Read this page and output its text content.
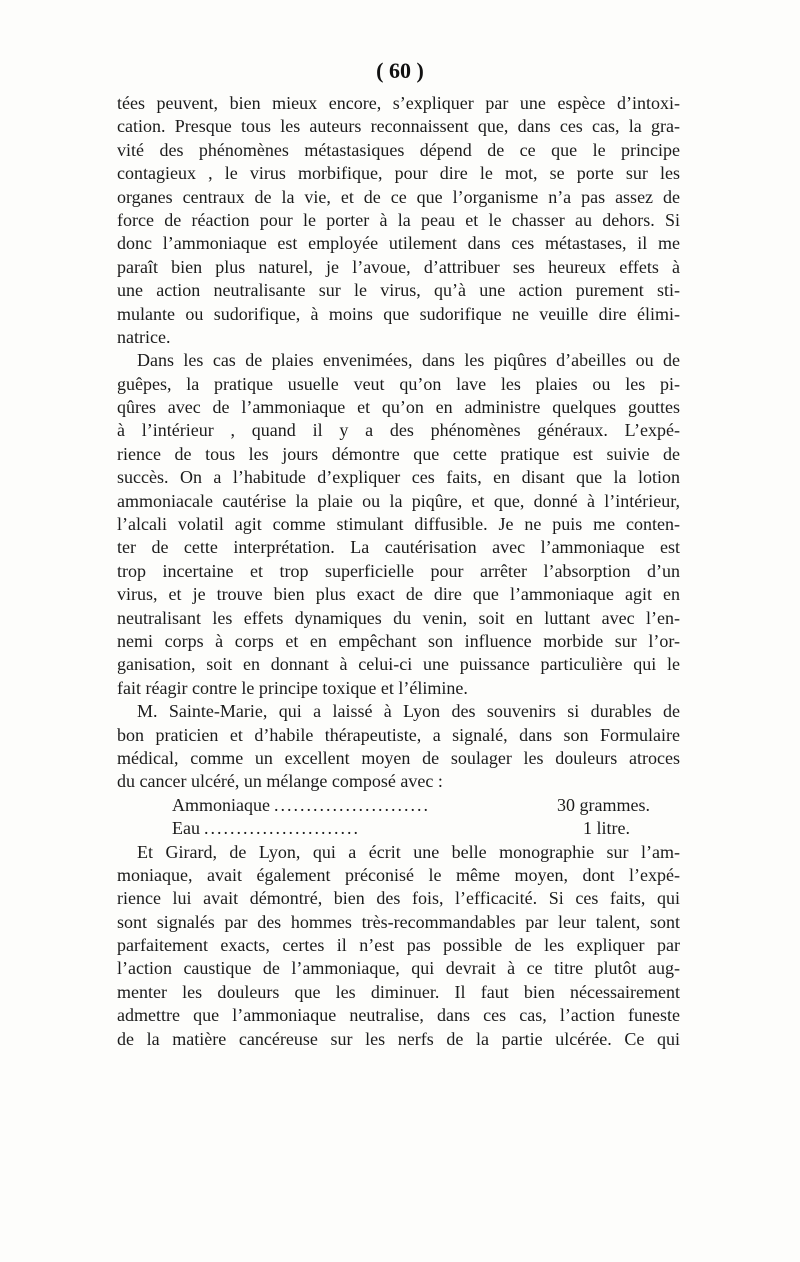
( 60 )
tées peuvent, bien mieux encore, s’expliquer par une espèce d’intoxi-
cation. Presque tous les auteurs reconnaissent que, dans ces cas, la gra-
vité des phénomènes métastasiques dépend de ce que le principe
contagieux , le virus morbifique, pour dire le mot, se porte sur les
organes centraux de la vie, et de ce que l’organisme n’a pas assez de
force de réaction pour le porter à la peau et le chasser au dehors. Si
donc l’ammoniaque est employée utilement dans ces métastases, il me
paraît bien plus naturel, je l’avoue, d’attribuer ses heureux effets à
une action neutralisante sur le virus, qu’à une action purement sti-
mulante ou sudorifique, à moins que sudorifique ne veuille dire élimi-
natrice.
Dans les cas de plaies envenimées, dans les piqûres d’abeilles ou de
guêpes, la pratique usuelle veut qu’on lave les plaies ou les pi-
qûres avec de l’ammoniaque et qu’on en administre quelques gouttes
à l’intérieur , quand il y a des phénomènes généraux. L’expé-
rience de tous les jours démontre que cette pratique est suivie de
succès. On a l’habitude d’expliquer ces faits, en disant que la lotion
ammoniacale cautérise la plaie ou la piqûre, et que, donné à l’intérieur,
l’alcali volatil agit comme stimulant diffusible. Je ne puis me conten-
ter de cette interprétation. La cautérisation avec l’ammoniaque est
trop incertaine et trop superficielle pour arrêter l’absorption d’un
virus, et je trouve bien plus exact de dire que l’ammoniaque agit en
neutralisant les effets dynamiques du venin, soit en luttant avec l’en-
nemi corps à corps et en empêchant son influence morbide sur l’or-
ganisation, soit en donnant à celui-ci une puissance particulière qui le
fait réagir contre le principe toxique et l’élimine.
M. Sainte-Marie, qui a laissé à Lyon des souvenirs si durables de
bon praticien et d’habile thérapeutiste, a signalé, dans son Formulaire
médical, comme un excellent moyen de soulager les douleurs atroces
du cancer ulcéré, un mélange composé avec :
Ammoniaque ........................	30 grammes.
Eau ........................	1 litre.
Et Girard, de Lyon, qui a écrit une belle monographie sur l’am-
moniaque, avait également préconisé le même moyen, dont l’expé-
rience lui avait démontré, bien des fois, l’efficacité. Si ces faits, qui
sont signalés par des hommes très-recommandables par leur talent, sont
parfaitement exacts, certes il n’est pas possible de les expliquer par
l’action caustique de l’ammoniaque, qui devrait à ce titre plutôt aug-
menter les douleurs que les diminuer. Il faut bien nécessairement
admettre que l’ammoniaque neutralise, dans ces cas, l’action funeste
de la matière cancéreuse sur les nerfs de la partie ulcérée. Ce qui
